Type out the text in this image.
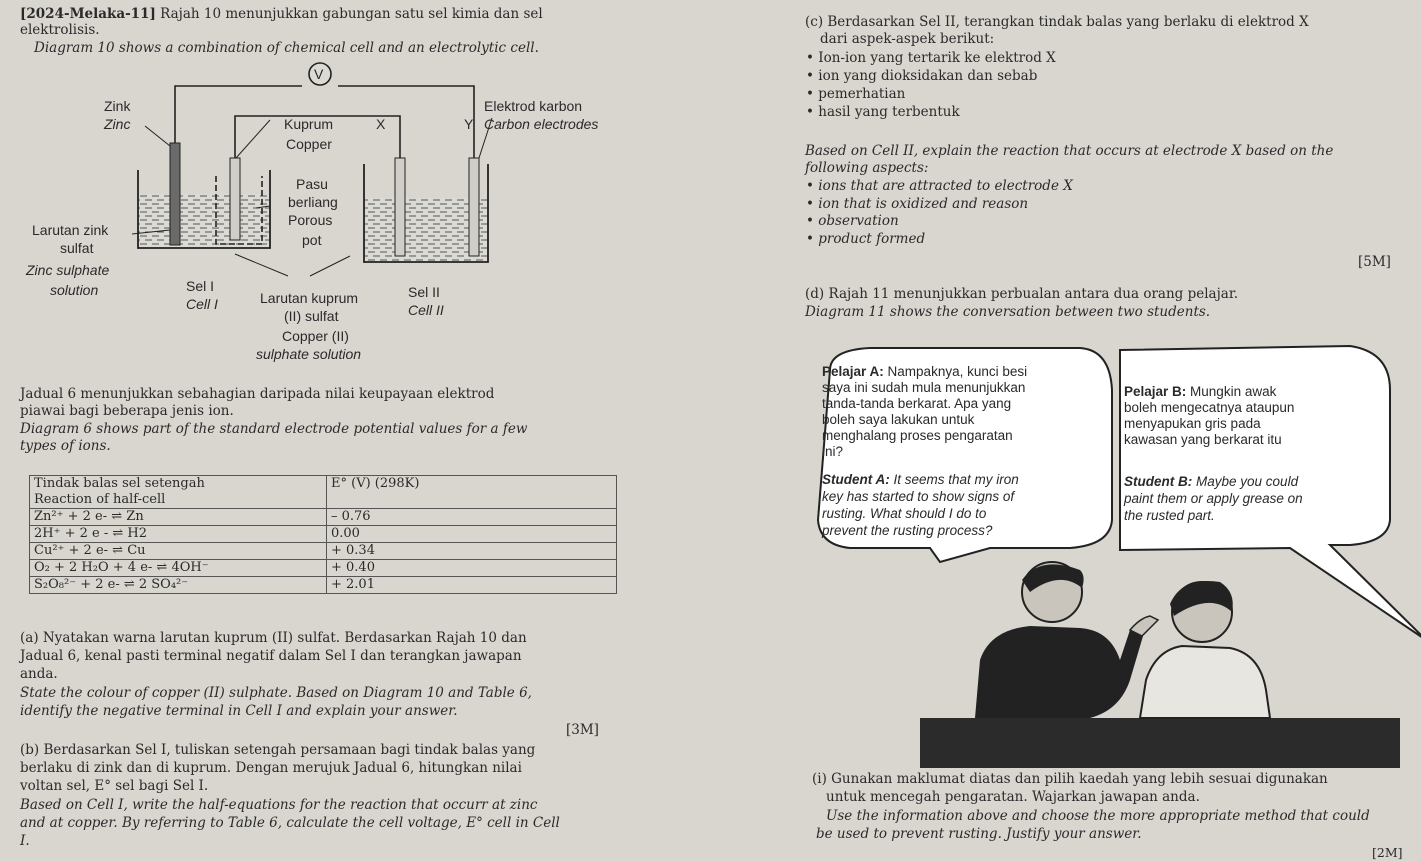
[2024-Melaka-11] Rajah 10 menunjukkan gabungan satu sel kimia dan sel
elektrolisis.
Diagram 10 shows a combination of chemical cell and an electrolytic cell.
V
Zink
Zinc	Kuprum
Copper
X	Y
Elektrod karbon
Carbon electrodes
Pasu
berliang
Porous
pot
Larutan zink
sulfat
Zinc sulphate
solution	Sel I
Cell I	Larutan kuprum
(II) sulfat
Copper (II)
sulphate solution
Sel II
Cell II
Jadual 6 menunjukkan sebahagian daripada nilai keupayaan elektrod
piawai bagi beberapa jenis ion.
Diagram 6 shows part of the standard electrode potential values for a few
types of ions.
Tindak balas sel setengah
Reaction of half-cell	E° (V) (298K)
Zn²⁺ + 2 e- ⇌ Zn	– 0.76
2H⁺ + 2 e - ⇌ H2	0.00
Cu²⁺ + 2 e- ⇌ Cu	+ 0.34
O₂ + 2 H₂O + 4 e- ⇌ 4OH⁻	+ 0.40
S₂O₈²⁻ + 2 e- ⇌ 2 SO₄²⁻	+ 2.01
(a) Nyatakan warna larutan kuprum (II) sulfat. Berdasarkan Rajah 10 dan
Jadual 6, kenal pasti terminal negatif dalam Sel I dan terangkan jawapan
anda.
State the colour of copper (II) sulphate. Based on Diagram 10 and Table 6,
identify the negative terminal in Cell I and explain your answer.
[3M]
(b) Berdasarkan Sel I, tuliskan setengah persamaan bagi tindak balas yang
berlaku di zink dan di kuprum. Dengan merujuk Jadual 6, hitungkan nilai
voltan sel, E° sel bagi Sel I.
Based on Cell I, write the half-equations for the reaction that occurr at zinc
and at copper. By referring to Table 6, calculate the cell voltage, E° cell in Cell
I.
(c) Berdasarkan Sel II, terangkan tindak balas yang berlaku di elektrod X
dari aspek-aspek berikut:
• Ion-ion yang tertarik ke elektrod X
• ion yang dioksidakan dan sebab
• pemerhatian
• hasil yang terbentuk
Based on Cell II, explain the reaction that occurs at electrode X based on the
following aspects:
• ions that are attracted to electrode X
• ion that is oxidized and reason
• observation
• product formed
[5M]
(d) Rajah 11 menunjukkan perbualan antara dua orang pelajar.
Diagram 11 shows the conversation between two students.
Pelajar A: Nampaknya, kunci besi
saya ini sudah mula menunjukkan
tanda-tanda berkarat. Apa yang
boleh saya lakukan untuk
menghalang proses pengaratan
ini?
Student A: It seems that my iron
key has started to show signs of
rusting. What should I do to
prevent the rusting process?
Pelajar B: Mungkin awak
boleh mengecatnya ataupun
menyapukan gris pada
kawasan yang berkarat itu
Student B: Maybe you could
paint them or apply grease on
the rusted part.
(i) Gunakan maklumat diatas dan pilih kaedah yang lebih sesuai digunakan
untuk mencegah pengaratan. Wajarkan jawapan anda.
Use the information above and choose the more appropriate method that could
be used to prevent rusting. Justify your answer.
[2M]
